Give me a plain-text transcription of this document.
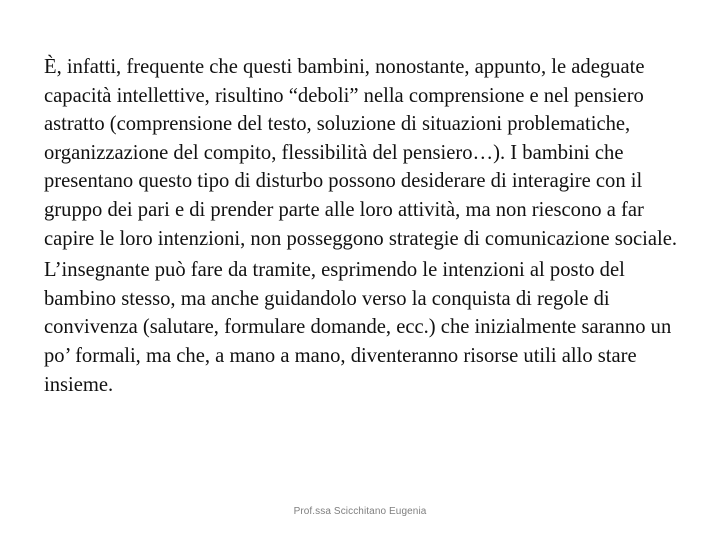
È, infatti, frequente che questi bambini, nonostante, appunto, le adeguate capacità intellettive, risultino “deboli” nella comprensione e nel pensiero astratto (comprensione del testo, soluzione di situazioni problematiche, organizzazione del compito, flessibilità del pensiero…). I bambini che presentano questo tipo di disturbo possono desiderare di interagire con il gruppo dei pari e di prender parte alle loro attività, ma non riescono a far capire le loro intenzioni, non posseggono strategie di comunicazione sociale.

L’insegnante può fare da tramite, esprimendo le intenzioni al posto del bambino stesso, ma anche guidandolo verso la conquista di regole di convivenza (salutare, formulare domande, ecc.) che inizialmente saranno un po’ formali, ma che, a mano a mano, diventeranno risorse utili allo stare insieme.

Prof.ssa Scicchitano Eugenia
